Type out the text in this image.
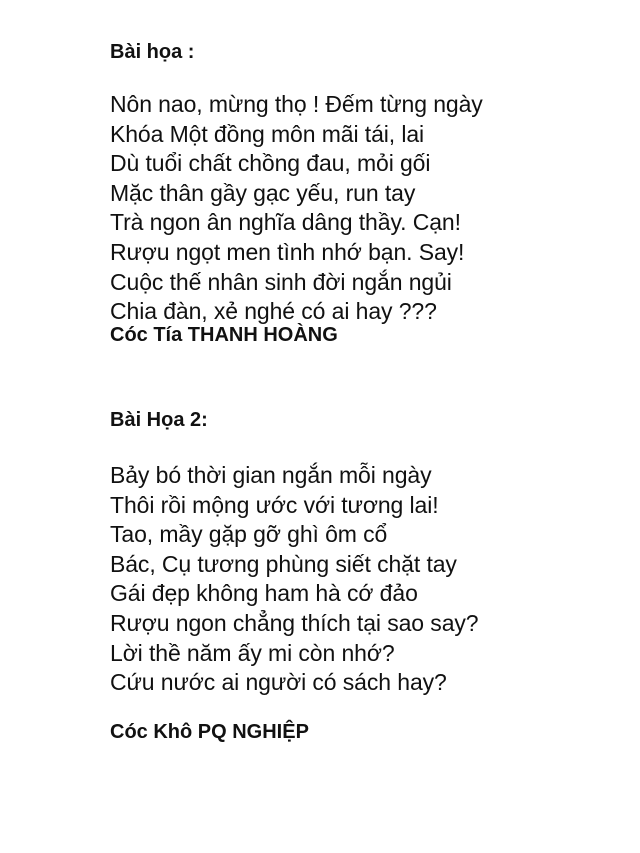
Bài họa :
Nôn nao, mừng thọ ! Đếm từng ngày
Khóa Một đồng môn mãi tái, lai
Dù tuổi chất chồng đau, mỏi gối
Mặc thân gầy gạc yếu, run tay
Trà ngon ân nghĩa dâng thầy. Cạn!
Rượu ngọt men tình nhớ bạn. Say!
Cuộc thế nhân sinh đời ngắn ngủi
Chia đàn, xẻ nghé có ai hay ???
Cóc Tía THANH HOÀNG
Bài Họa 2:
Bảy bó thời gian ngắn mỗi ngày
Thôi rồi mộng ước với tương lai!
Tao, mầy gặp gỡ ghì ôm cổ
Bác, Cụ tương phùng siết chặt tay
Gái đẹp không ham hà cớ đảo
Rượu ngon chẳng thích tại sao say?
Lời thề năm ấy mi còn nhớ?
Cứu nước ai người có sách hay?
Cóc Khô PQ NGHIỆP
